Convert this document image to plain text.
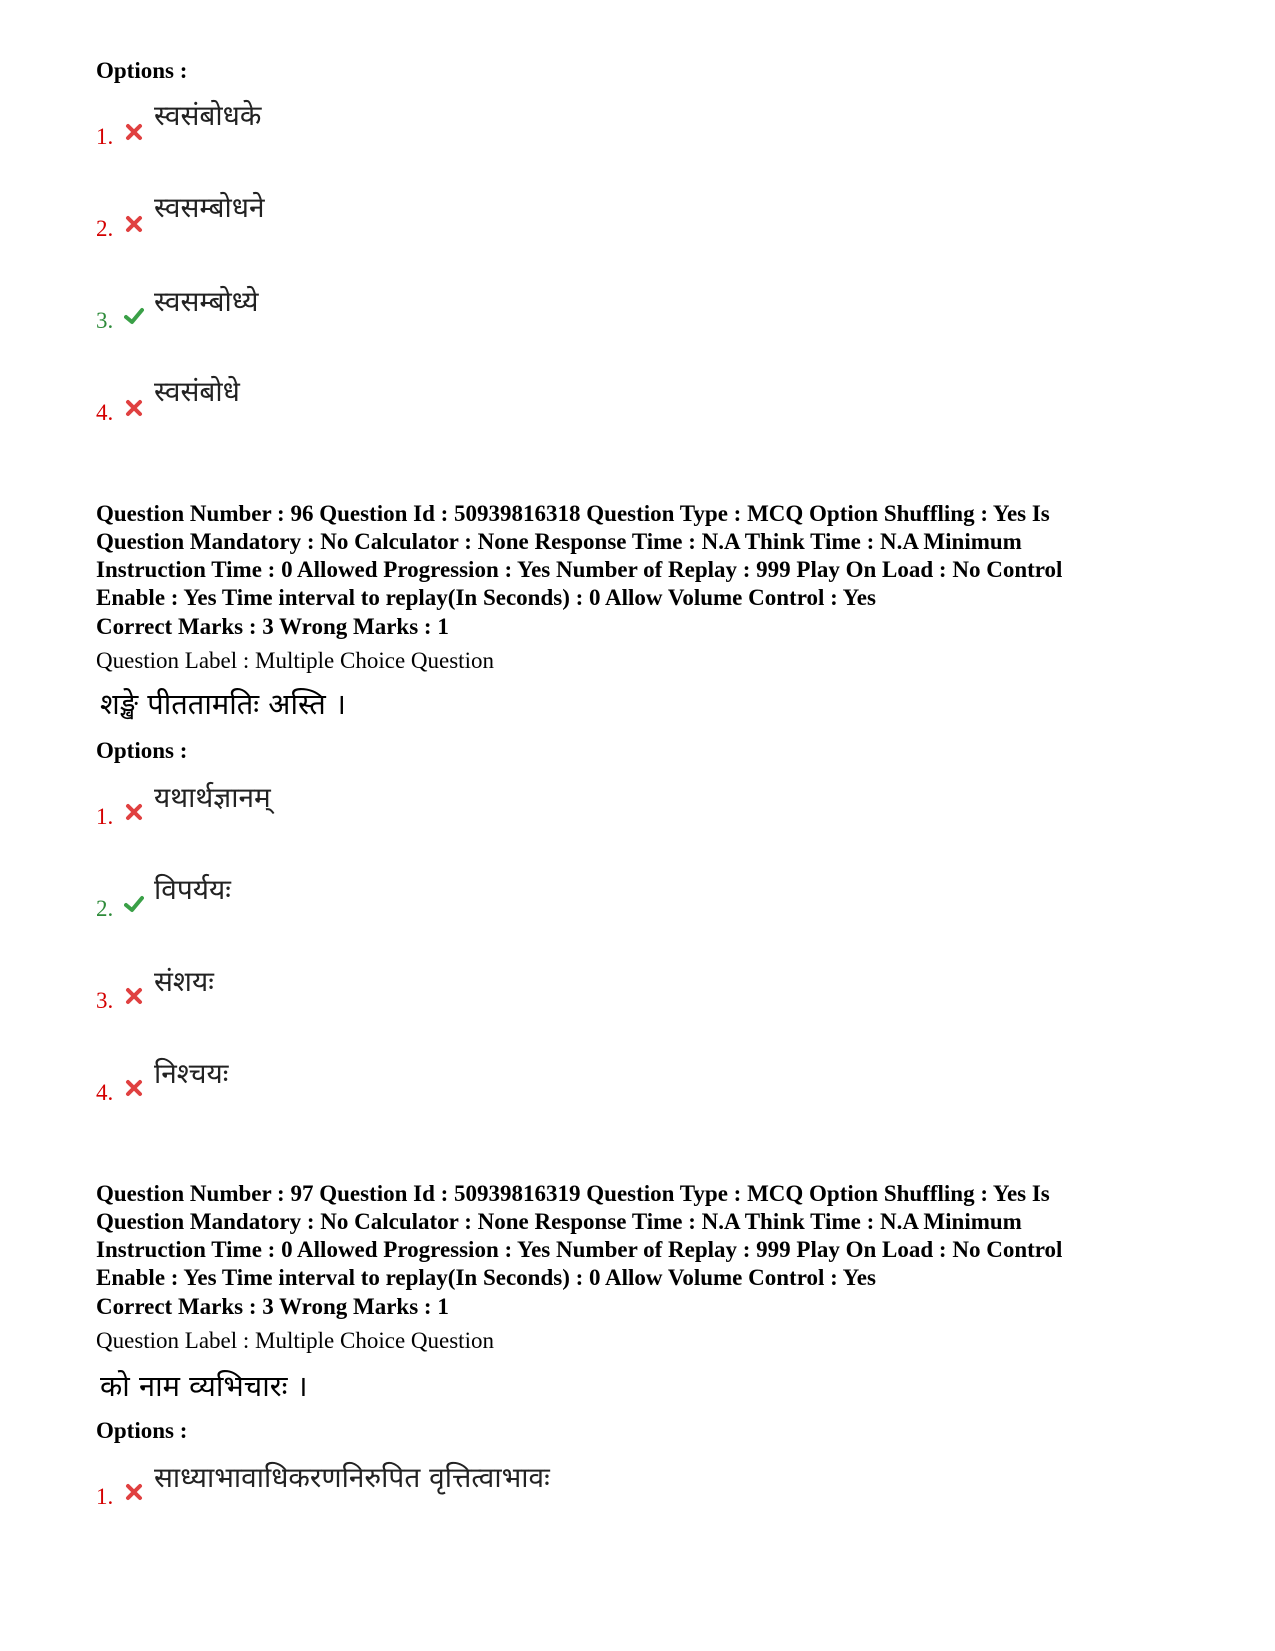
Options :
1.
स्वसंबोधके
2.
स्वसम्बोधने
3.
स्वसम्बोध्ये
4.
स्वसंबोधे
Question Number : 96 Question Id : 50939816318 Question Type : MCQ Option Shuffling : Yes Is
Question Mandatory : No Calculator : None Response Time : N.A Think Time : N.A Minimum
Instruction Time : 0 Allowed Progression : Yes Number of Replay : 999 Play On Load : No Control
Enable : Yes Time interval to replay(In Seconds) : 0 Allow Volume Control : Yes
Correct Marks : 3 Wrong Marks : 1
Question Label : Multiple Choice Question
शङ्खे पीततामतिः अस्ति ।
Options :
1.
यथार्थज्ञानम्
2.
विपर्ययः
3.
संशयः
4.
निश्चयः
Question Number : 97 Question Id : 50939816319 Question Type : MCQ Option Shuffling : Yes Is
Question Mandatory : No Calculator : None Response Time : N.A Think Time : N.A Minimum
Instruction Time : 0 Allowed Progression : Yes Number of Replay : 999 Play On Load : No Control
Enable : Yes Time interval to replay(In Seconds) : 0 Allow Volume Control : Yes
Correct Marks : 3 Wrong Marks : 1
Question Label : Multiple Choice Question
को नाम व्यभिचारः ।
Options :
1.
साध्याभावाधिकरणनिरुपित वृत्तित्वाभावः
